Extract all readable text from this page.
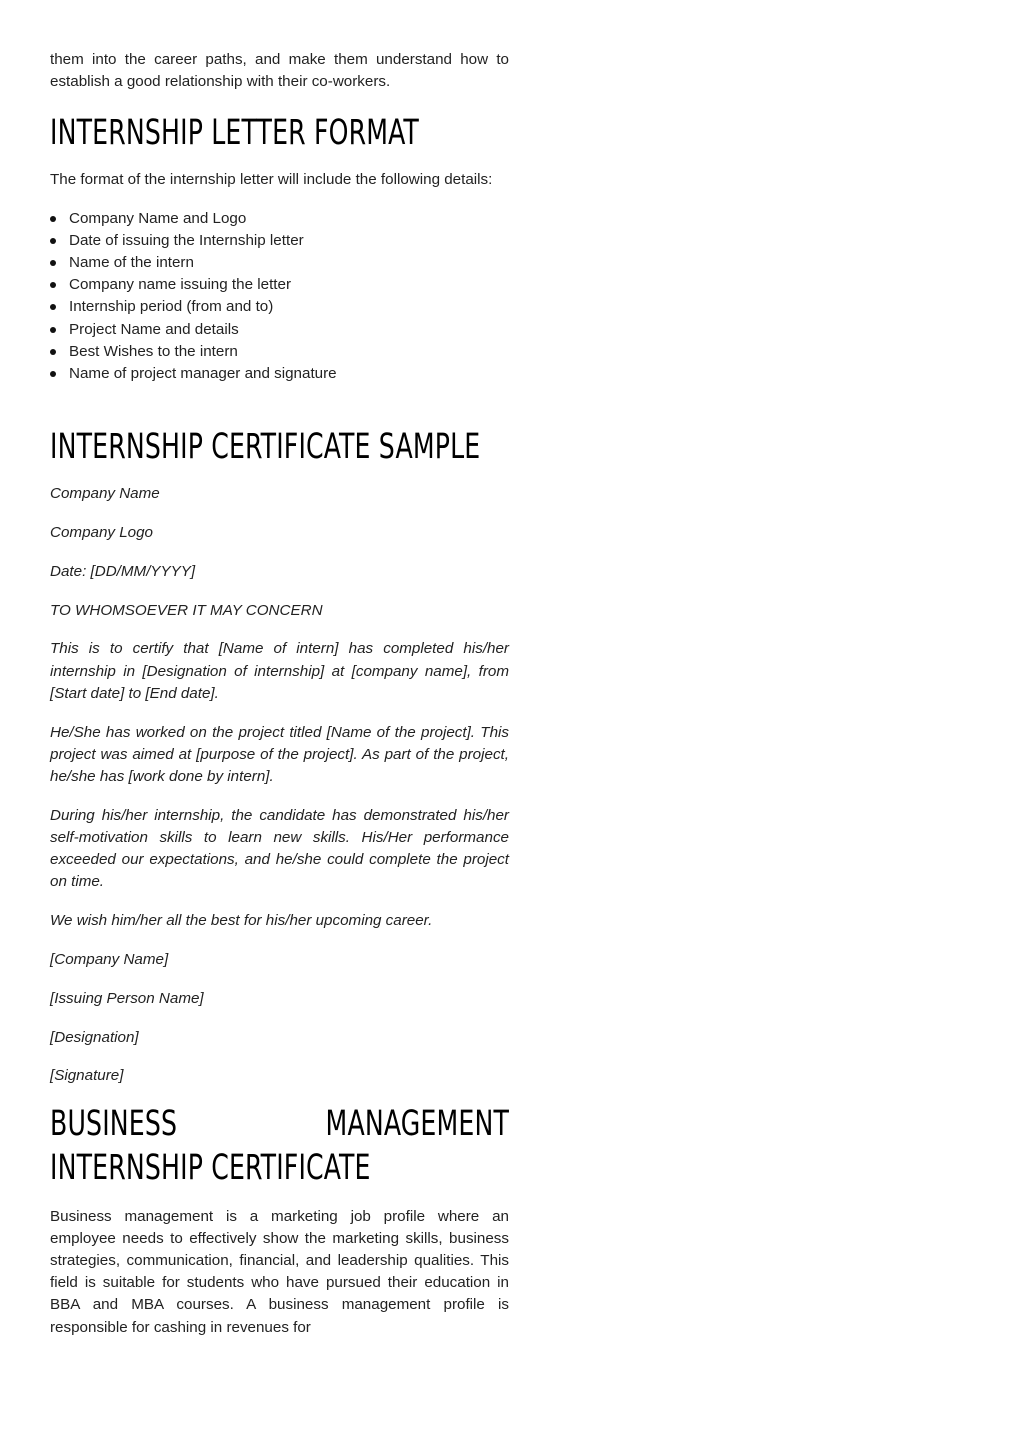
them into the career paths, and make them understand how to establish a good relationship with their co-workers.

INTERNSHIP LETTER FORMAT

The format of the internship letter will include the following details:

Company Name and Logo
Date of issuing the Internship letter
Name of the intern
Company name issuing the letter
Internship period (from and to)
Project Name and details
Best Wishes to the intern
Name of project manager and signature
INTERNSHIP CERTIFICATE SAMPLE

Company Name

Company Logo

Date: [DD/MM/YYYY]

TO WHOMSOEVER IT MAY CONCERN

This is to certify that [Name of intern] has completed his/her internship in [Designation of internship] at [company name], from [Start date] to [End date].

He/She has worked on the project titled [Name of the project]. This project was aimed at [purpose of the project]. As part of the project, he/she has [work done by intern].

During his/her internship, the candidate has demonstrated his/her self-motivation skills to learn new skills. His/Her performance exceeded our expectations, and he/she could complete the project on time.

We wish him/her all the best for his/her upcoming career.

[Company Name]

[Issuing Person Name]

[Designation]

[Signature]

BUSINESS	MANAGEMENT
INTERNSHIP CERTIFICATE

Business management is a marketing job profile where an employee needs to effectively show the marketing skills, business strategies, communication, financial, and leadership qualities. This field is suitable for students who have pursued their education in BBA and MBA courses. A business management profile is responsible for cashing in revenues for
